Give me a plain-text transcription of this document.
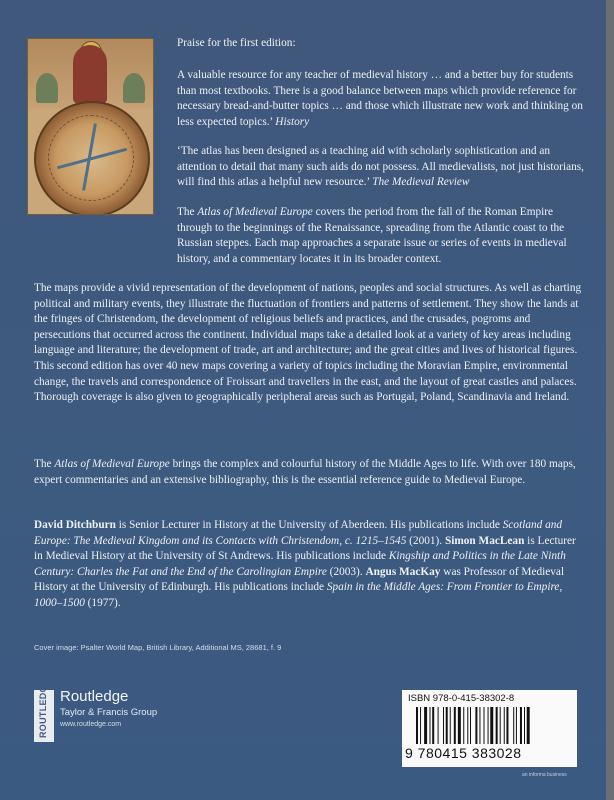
Praise for the first edition:

A valuable resource for any teacher of medieval history … and a better buy for students than most textbooks. There is a good balance between maps which provide reference for necessary bread-and-butter topics … and those which illustrate new work and thinking on less expected topics.’ History

‘The atlas has been designed as a teaching aid with scholarly sophistication and an attention to detail that many such aids do not possess. All medievalists, not just historians, will find this atlas a helpful new resource.’ The Medieval Review

The Atlas of Medieval Europe covers the period from the fall of the Roman Empire through to the beginnings of the Renaissance, spreading from the Atlantic coast to the Russian steppes. Each map approaches a separate issue or series of events in medieval history, and a commentary locates it in its broader context.

The maps provide a vivid representation of the development of nations, peoples and social structures. As well as charting political and military events, they illustrate the fluctuation of frontiers and patterns of settlement. They show the lands at the fringes of Christendom, the development of religious beliefs and practices, and the crusades, pogroms and persecutions that occurred across the continent. Individual maps take a detailed look at a variety of key areas including language and literature; the development of trade, art and architecture; and the great cities and lives of historical figures. This second edition has over 40 new maps covering a variety of topics including the Moravian Empire, environmental change, the travels and correspondence of Froissart and travellers in the east, and the layout of great castles and palaces. Thorough coverage is also given to geographically peripheral areas such as Portugal, Poland, Scandinavia and Ireland.

The Atlas of Medieval Europe brings the complex and colourful history of the Middle Ages to life. With over 180 maps, expert commentaries and an extensive bibliography, this is the essential reference guide to Medieval Europe.

David Ditchburn is Senior Lecturer in History at the University of Aberdeen. His publications include Scotland and Europe: The Medieval Kingdom and its Contacts with Christendom, c. 1215–1545 (2001). Simon MacLean is Lecturer in Medieval History at the University of St Andrews. His publications include Kingship and Politics in the Late Ninth Century: Charles the Fat and the End of the Carolingian Empire (2003). Angus MacKay was Professor of Medieval History at the University of Edinburgh. His publications include Spain in the Middle Ages: From Frontier to Empire, 1000–1500 (1977).

Cover image: Psalter World Map, British Library, Additional MS, 28681, f. 9
ROUTLEDGE Routledge
Taylor & Francis Group
www.routledge.com
ISBN 978-0-415-38302-8
9 780415 383028
an informa business
